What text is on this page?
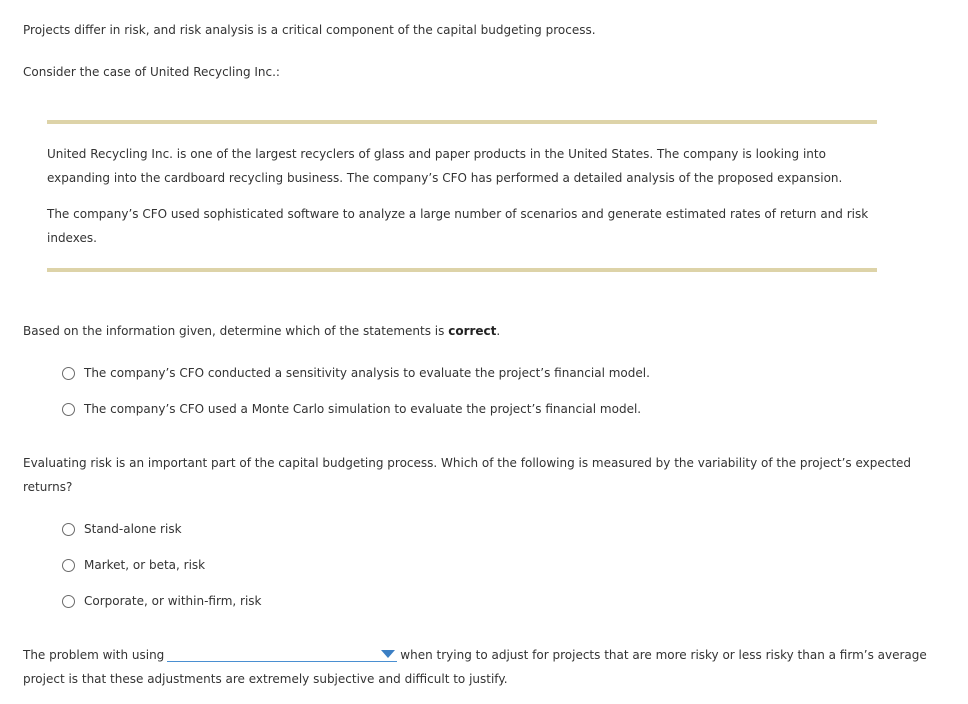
Projects differ in risk, and risk analysis is a critical component of the capital budgeting process.

Consider the case of United Recycling Inc.:

United Recycling Inc. is one of the largest recyclers of glass and paper products in the United States. The company is looking into expanding into the cardboard recycling business. The company’s CFO has performed a detailed analysis of the proposed expansion.

The company’s CFO used sophisticated software to analyze a large number of scenarios and generate estimated rates of return and risk indexes.

Based on the information given, determine which of the statements is correct.

The company’s CFO conducted a sensitivity analysis to evaluate the project’s financial model.
The company’s CFO used a Monte Carlo simulation to evaluate the project’s financial model.

Evaluating risk is an important part of the capital budgeting process. Which of the following is measured by the variability of the project’s expected returns?

Stand-alone risk
Market, or beta, risk
Corporate, or within-firm, risk

The problem with using	when trying to adjust for projects that are more risky or less risky than a firm’s average project is that these adjustments are extremely subjective and difficult to justify.
